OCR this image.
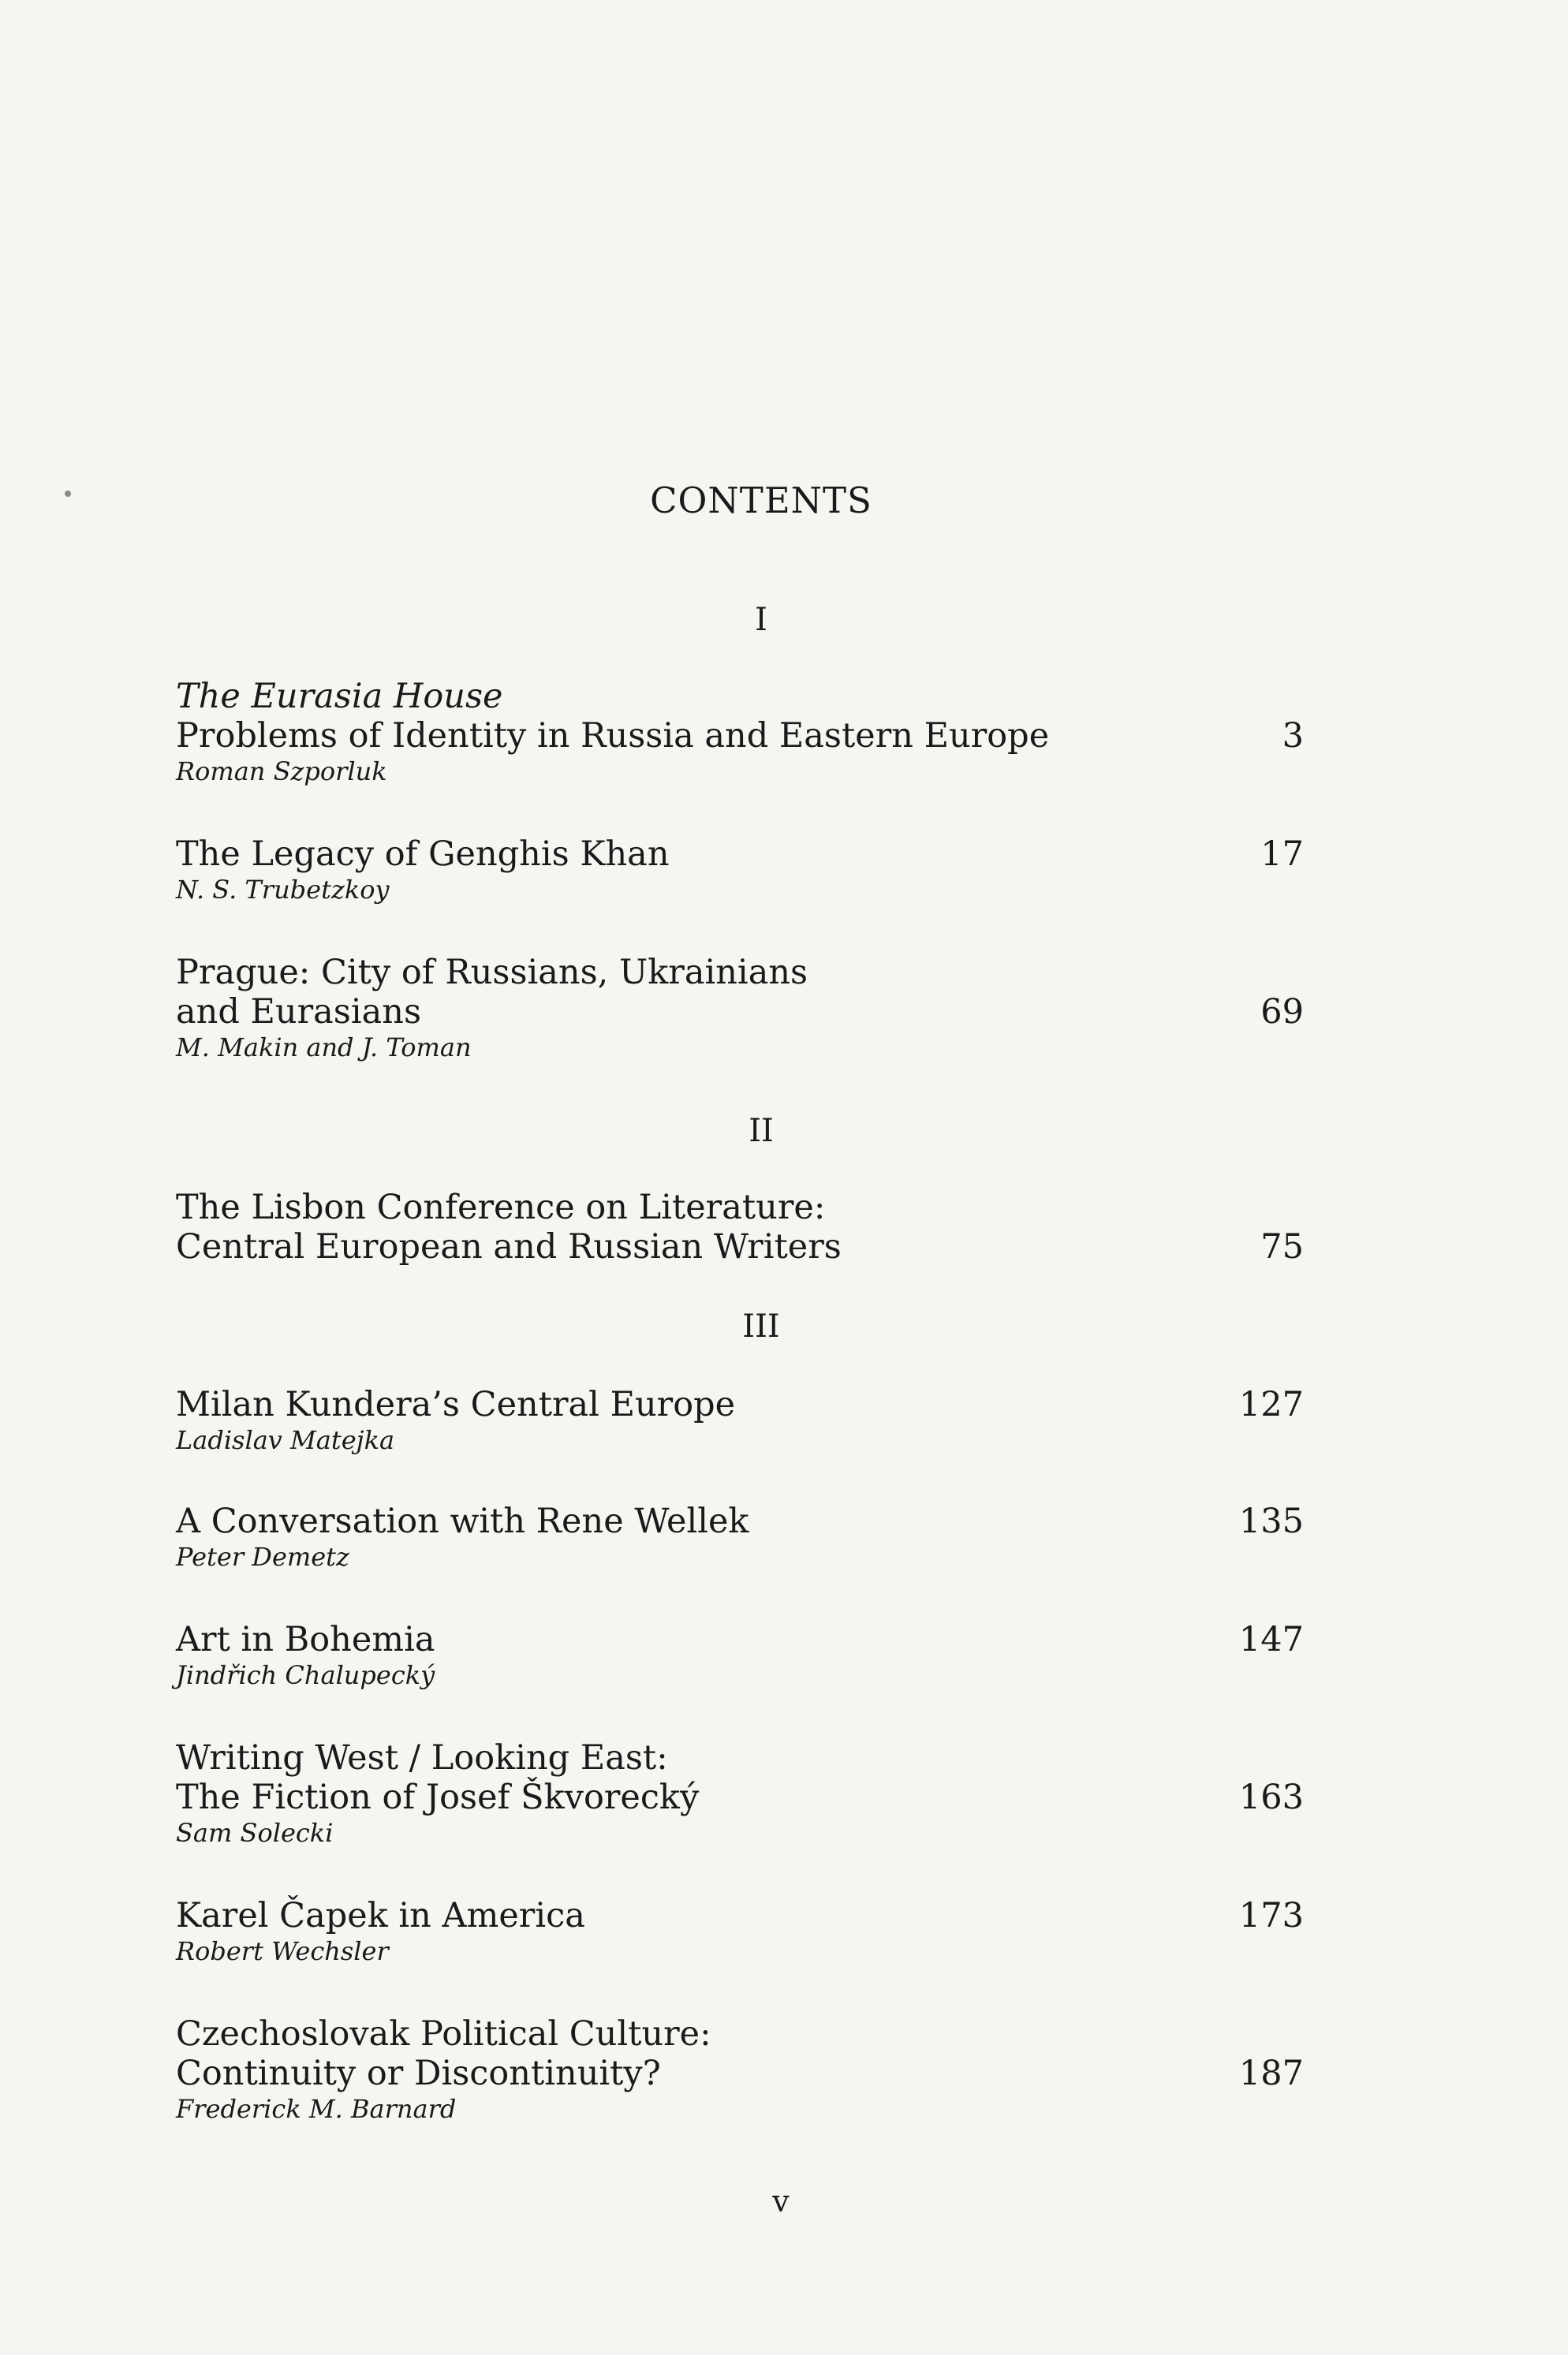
CONTENTS
I
The Eurasia House
Problems of Identity in Russia and Eastern Europe
Roman Szporluk
3
The Legacy of Genghis Khan
N. S. Trubetzkoy
17
Prague: City of Russians, Ukrainians
and Eurasians
M. Makin and J. Toman
69
II
The Lisbon Conference on Literature:
Central European and Russian Writers	75
III
Milan Kundera’s Central Europe
Ladislav Matejka
127
A Conversation with Rene Wellek
Peter Demetz
135
Art in Bohemia
Jindřich Chalupecký
147
Writing West / Looking East:
The Fiction of Josef Škvorecký
Sam Solecki
163
Karel Čapek in America
Robert Wechsler
173
Czechoslovak Political Culture:
Continuity or Discontinuity?
Frederick M. Barnard
187
v
